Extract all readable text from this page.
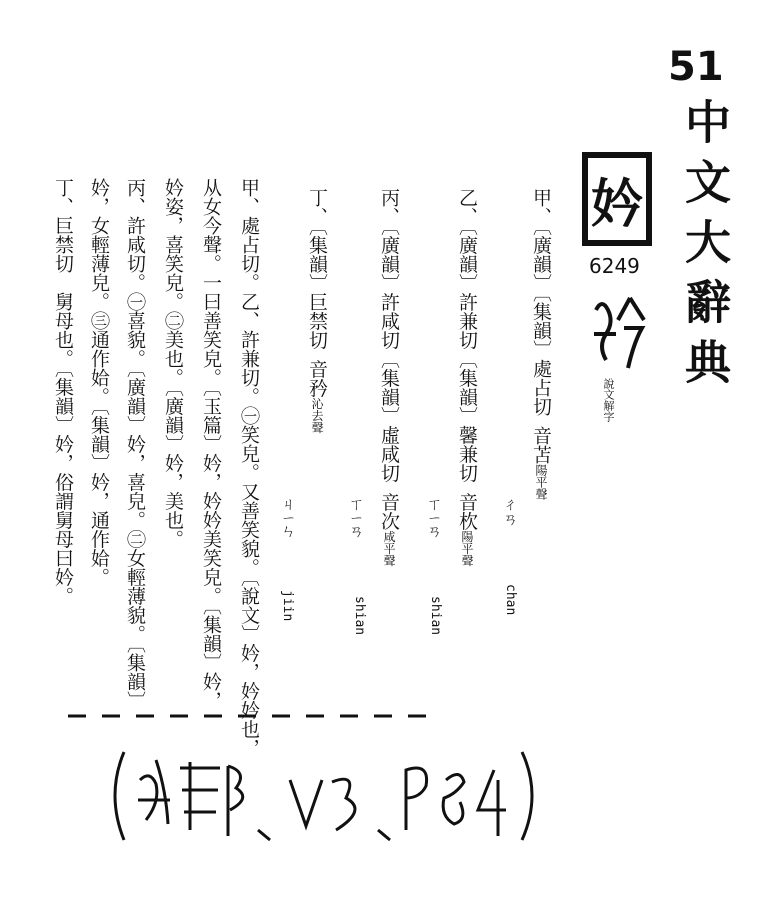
51
中文大辭典
妗
6249
說文解字
甲、〔廣韻〕〔集韻〕處占切音苫陽平聲
ㄔㄢ
chan
乙、〔廣韻〕許兼切〔集韻〕馨兼切音杴陽平聲
ㄒㄧㄢ
shian
丙、〔廣韻〕許咸切〔集韻〕虛咸切音次咸平聲
ㄒㄧㄢ
shian
丁、〔集韻〕巨禁切音矜沁去聲
ㄐㄧㄣ
jiin
甲、處占切。乙、許兼切。㊀笑皃。又善笑貌。〔說文〕妗，妗妗也，
从女今聲。一曰善笑皃。〔玉篇〕妗，妗妗美笑皃。〔集韻〕妗，
妗姿，喜笑皃。㊁美也。〔廣韻〕妗，美也。
丙、許咸切。㊀喜貌。〔廣韻〕妗，喜皃。㊁女輕薄貌。〔集韻〕
妗，女輕薄皃。㊂通作姶。〔集韻〕妗，通作姶。
丁、巨禁切　舅母也。〔集韻〕妗，俗謂舅母曰妗。
